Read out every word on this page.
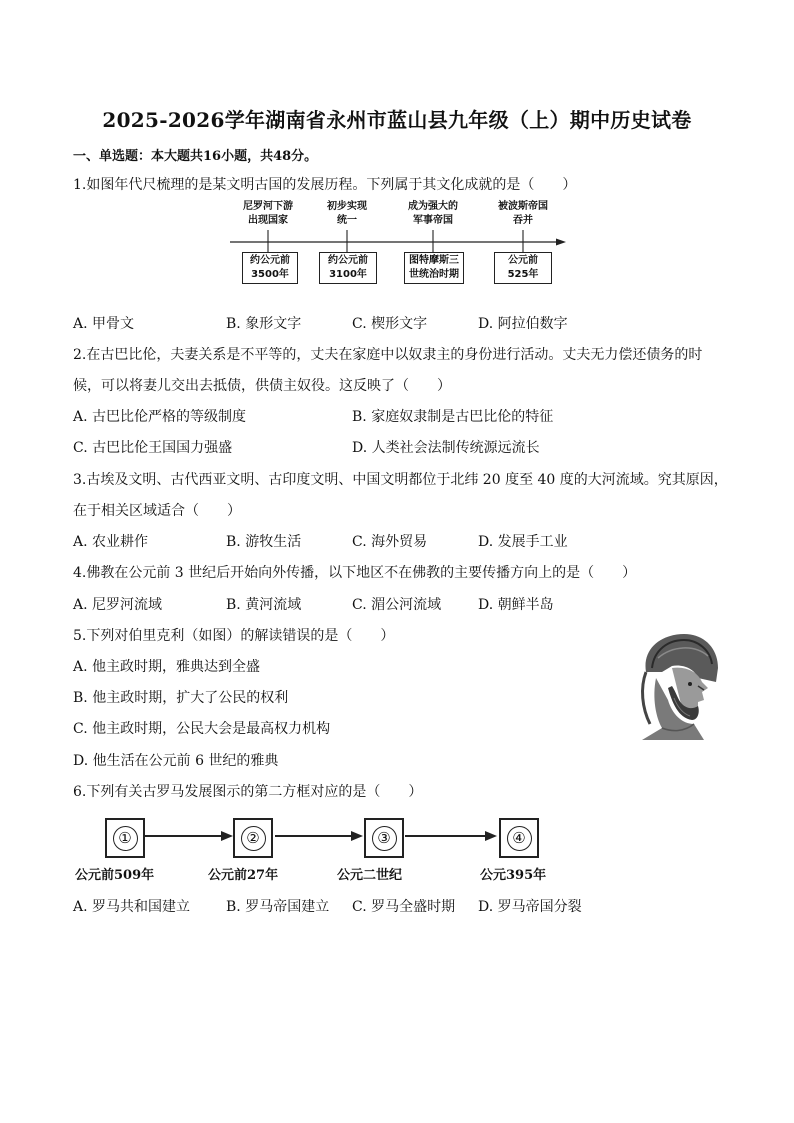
2025-2026学年湖南省永州市蓝山县九年级（上）期中历史试卷
一、单选题：本大题共16小题，共48分。
1.如图年代尺梳理的是某文明古国的发展历程。下列属于其文化成就的是（　　）
尼罗河下游
出现国家
初步实现
统一
成为强大的
军事帝国
被波斯帝国
吞并
约公元前
3500年
约公元前
3100年
图特摩斯三
世统治时期
公元前
525年
A. 甲骨文	B. 象形文字	C. 楔形文字	D. 阿拉伯数字
2.在古巴比伦，夫妻关系是不平等的，丈夫在家庭中以奴隶主的身份进行活动。丈夫无力偿还债务的时
候，可以将妻儿交出去抵债，供债主奴役。这反映了（　　）
A. 古巴比伦严格的等级制度	B. 家庭奴隶制是古巴比伦的特征
C. 古巴比伦王国国力强盛	D. 人类社会法制传统源远流长
3.古埃及文明、古代西亚文明、古印度文明、中国文明都位于北纬 20 度至 40 度的大河流域。究其原因，
在于相关区域适合（　　）
A. 农业耕作	B. 游牧生活	C. 海外贸易	D. 发展手工业
4.佛教在公元前 3 世纪后开始向外传播，以下地区不在佛教的主要传播方向上的是（　　）
A. 尼罗河流域	B. 黄河流域	C. 湄公河流域	D. 朝鲜半岛
5.下列对伯里克利（如图）的解读错误的是（　　）
A. 他主政时期，雅典达到全盛
B. 他主政时期，扩大了公民的权利
C. 他主政时期，公民大会是最高权力机构
D. 他生活在公元前 6 世纪的雅典
6.下列有关古罗马发展图示的第二方框对应的是（　　）
①	②	③	④
公元前509年	公元前27年	公元二世纪	公元395年
A. 罗马共和国建立	B. 罗马帝国建立 C. 罗马全盛时期 D. 罗马帝国分裂
